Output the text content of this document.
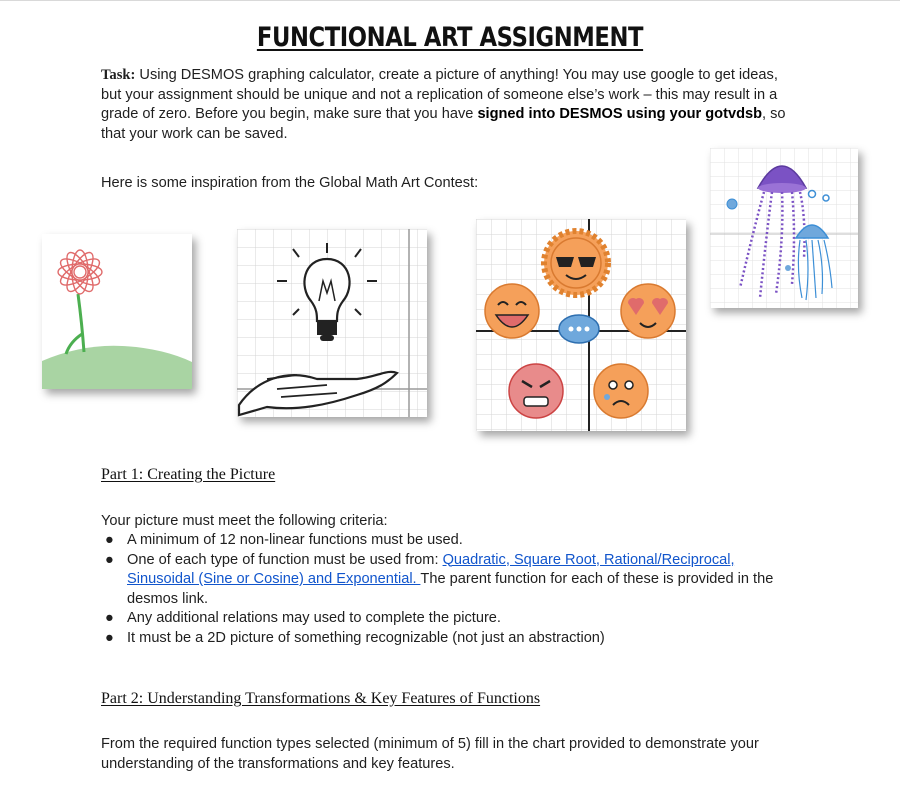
FUNCTIONAL ART ASSIGNMENT
Task: Using DESMOS graphing calculator, create a picture of anything! You may use google to get ideas, but your assignment should be unique and not a replication of someone else’s work – this may result in a grade of zero. Before you begin, make sure that you have signed into DESMOS using your gotvdsb, so that your work can be saved.
Here is some inspiration from the Global Math Art Contest:
Part 1: Creating the Picture
Your picture must meet the following criteria:
● A minimum of 12 non-linear functions must be used.
● One of each type of function must be used from: Quadratic, Square Root, Rational/Reciprocal, Sinusoidal (Sine or Cosine) and Exponential. The parent function for each of these is provided in the desmos link.
● Any additional relations may used to complete the picture.
● It must be a 2D picture of something recognizable (not just an abstraction)
Part 2: Understanding Transformations & Key Features of Functions
From the required function types selected (minimum of 5) fill in the chart provided to demonstrate your understanding of the transformations and key features.
